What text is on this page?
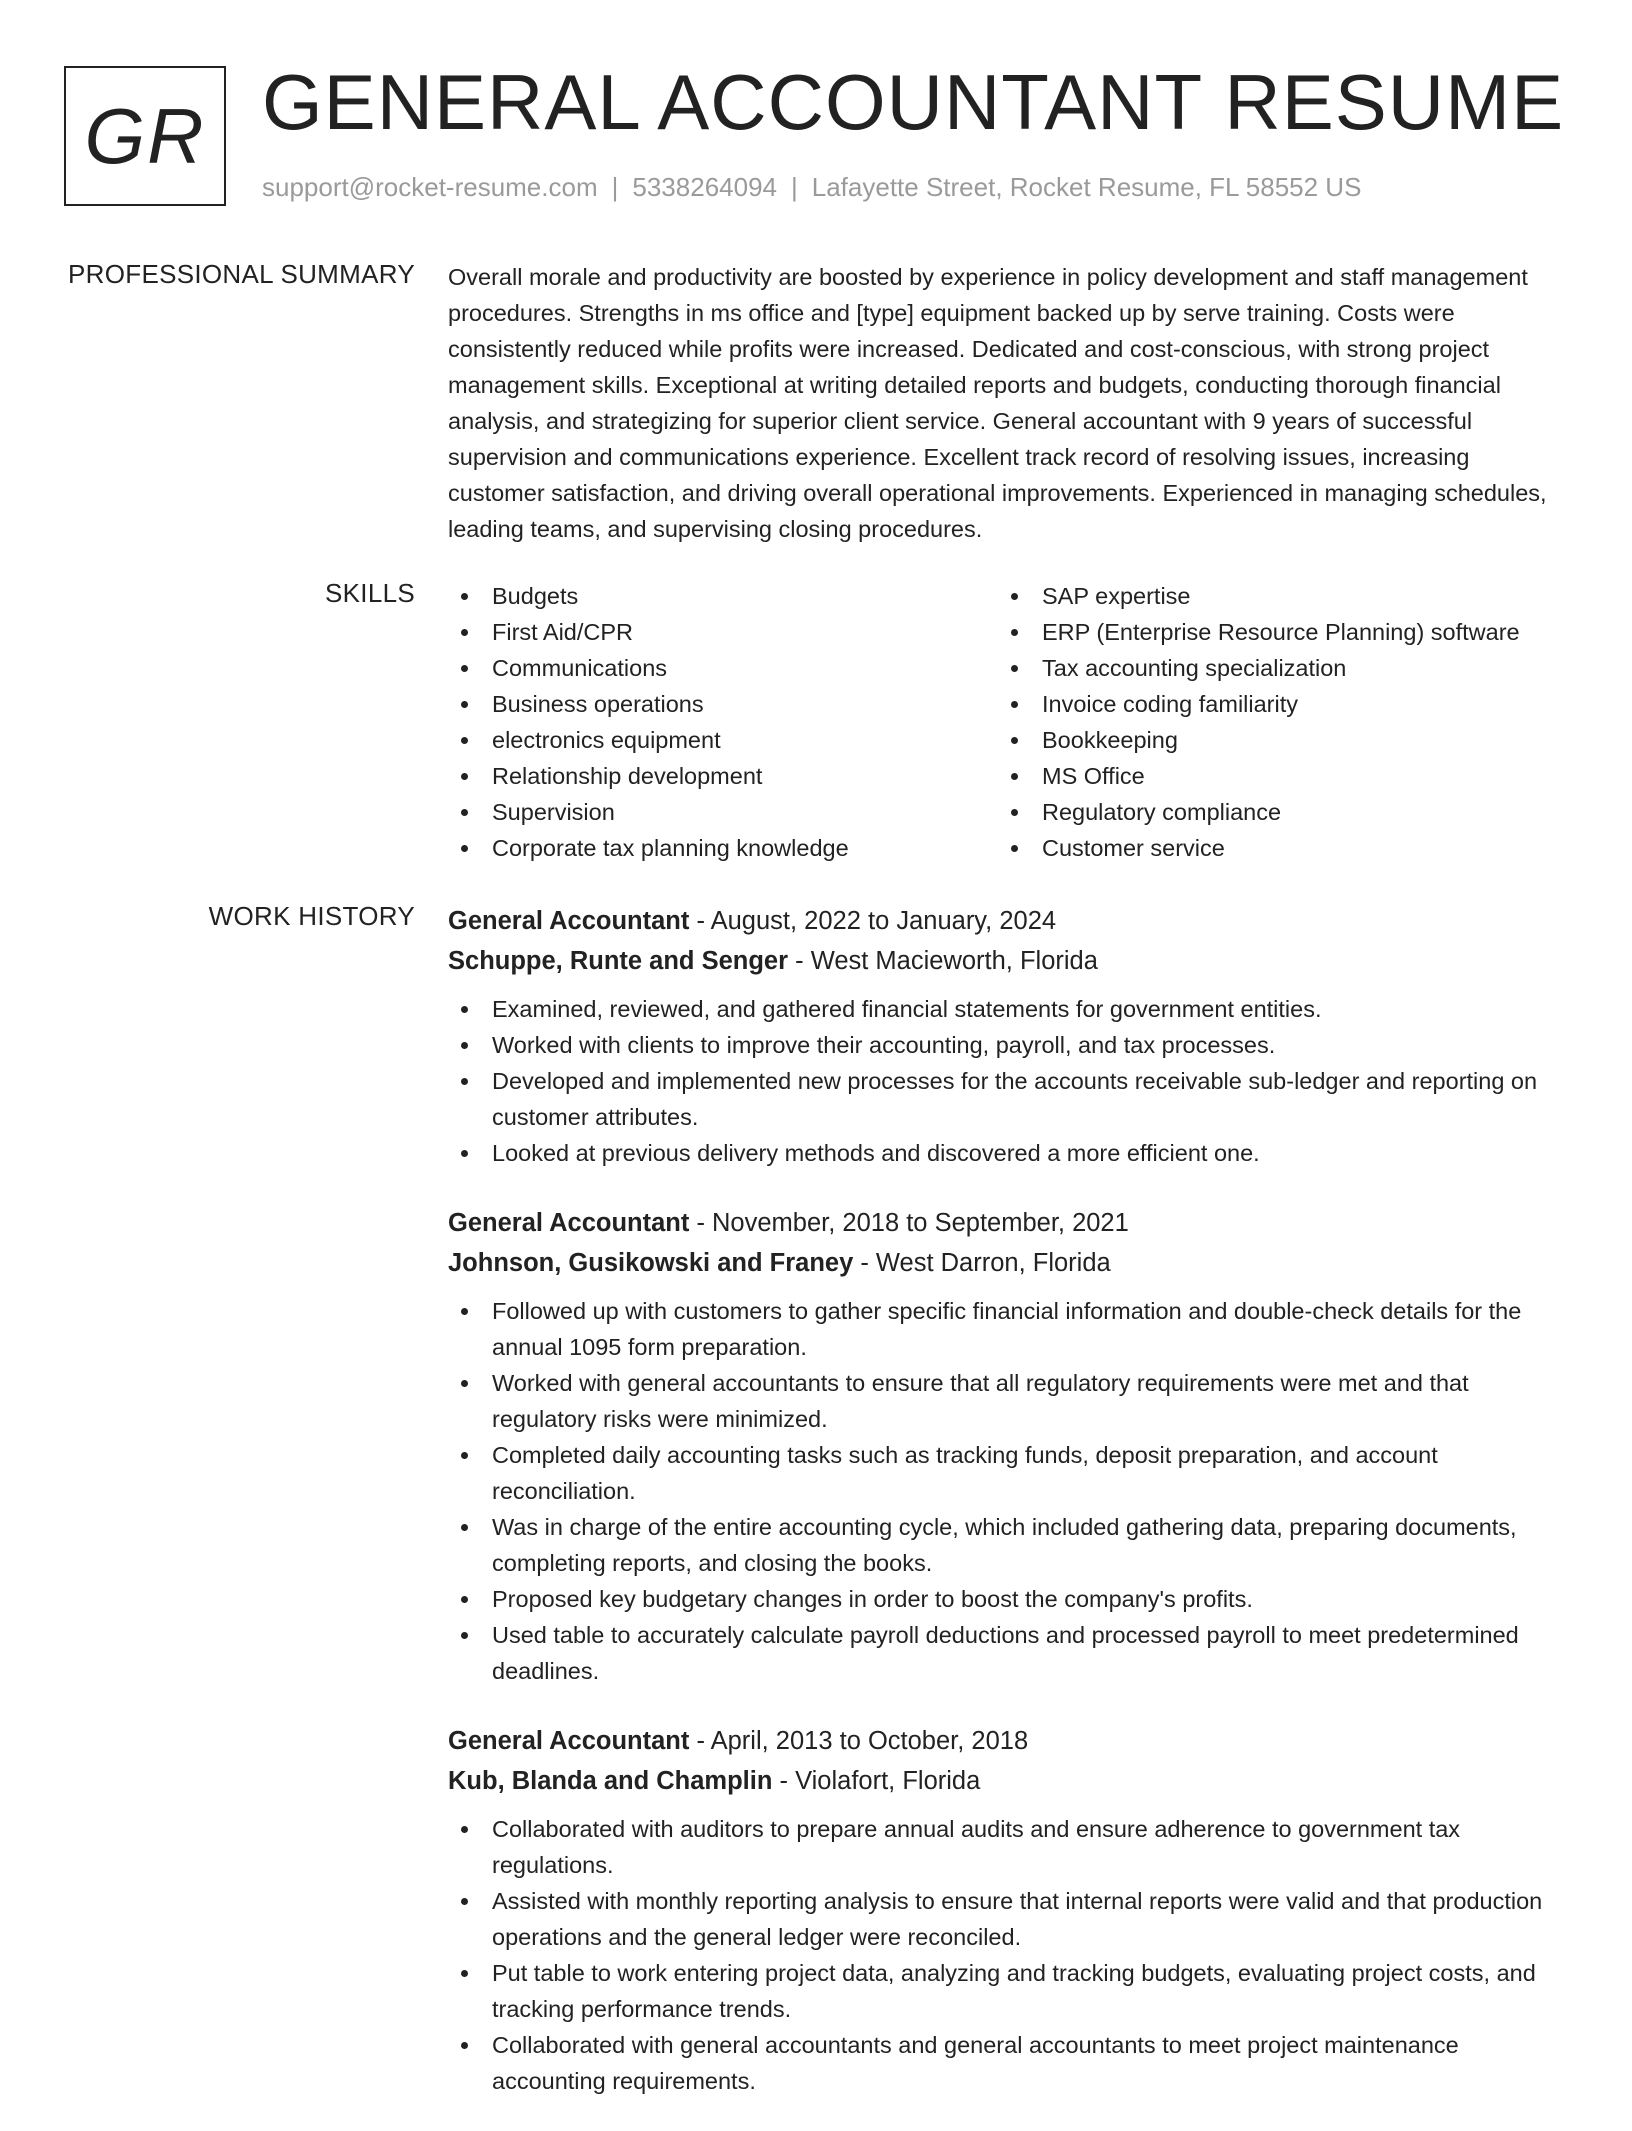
GR GENERAL ACCOUNTANT RESUME
support@rocket-resume.com | 5338264094 | Lafayette Street, Rocket Resume, FL 58552 US
PROFESSIONAL SUMMARY Overall morale and productivity are boosted by experience in policy development and staff management procedures. Strengths in ms office and [type] equipment backed up by serve training. Costs were consistently reduced while profits were increased. Dedicated and cost-conscious, with strong project management skills. Exceptional at writing detailed reports and budgets, conducting thorough financial analysis, and strategizing for superior client service. General accountant with 9 years of successful supervision and communications experience. Excellent track record of resolving issues, increasing customer satisfaction, and driving overall operational improvements. Experienced in managing schedules, leading teams, and supervising closing procedures.

SKILLS	Budgets
First Aid/CPR
Communications
Business operations
electronics equipment
Relationship development
Supervision
Corporate tax planning knowledge
SAP expertise
ERP (Enterprise Resource Planning) software
Tax accounting specialization
Invoice coding familiarity
Bookkeeping
MS Office
Regulatory compliance
Customer service
WORK HISTORY General Accountant - August, 2022 to January, 2024
Schuppe, Runte and Senger - West Macieworth, Florida
Examined, reviewed, and gathered financial statements for government entities.
Worked with clients to improve their accounting, payroll, and tax processes.
Developed and implemented new processes for the accounts receivable sub-ledger and reporting on customer attributes.
Looked at previous delivery methods and discovered a more efficient one.
General Accountant - November, 2018 to September, 2021
Johnson, Gusikowski and Franey - West Darron, Florida
Followed up with customers to gather specific financial information and double-check details for the annual 1095 form preparation.
Worked with general accountants to ensure that all regulatory requirements were met and that regulatory risks were minimized.
Completed daily accounting tasks such as tracking funds, deposit preparation, and account reconciliation.
Was in charge of the entire accounting cycle, which included gathering data, preparing documents, completing reports, and closing the books.
Proposed key budgetary changes in order to boost the company's profits.
Used table to accurately calculate payroll deductions and processed payroll to meet predetermined deadlines.
General Accountant - April, 2013 to October, 2018
Kub, Blanda and Champlin - Violafort, Florida
Collaborated with auditors to prepare annual audits and ensure adherence to government tax regulations.
Assisted with monthly reporting analysis to ensure that internal reports were valid and that production operations and the general ledger were reconciled.
Put table to work entering project data, analyzing and tracking budgets, evaluating project costs, and tracking performance trends.
Collaborated with general accountants and general accountants to meet project maintenance accounting requirements.
